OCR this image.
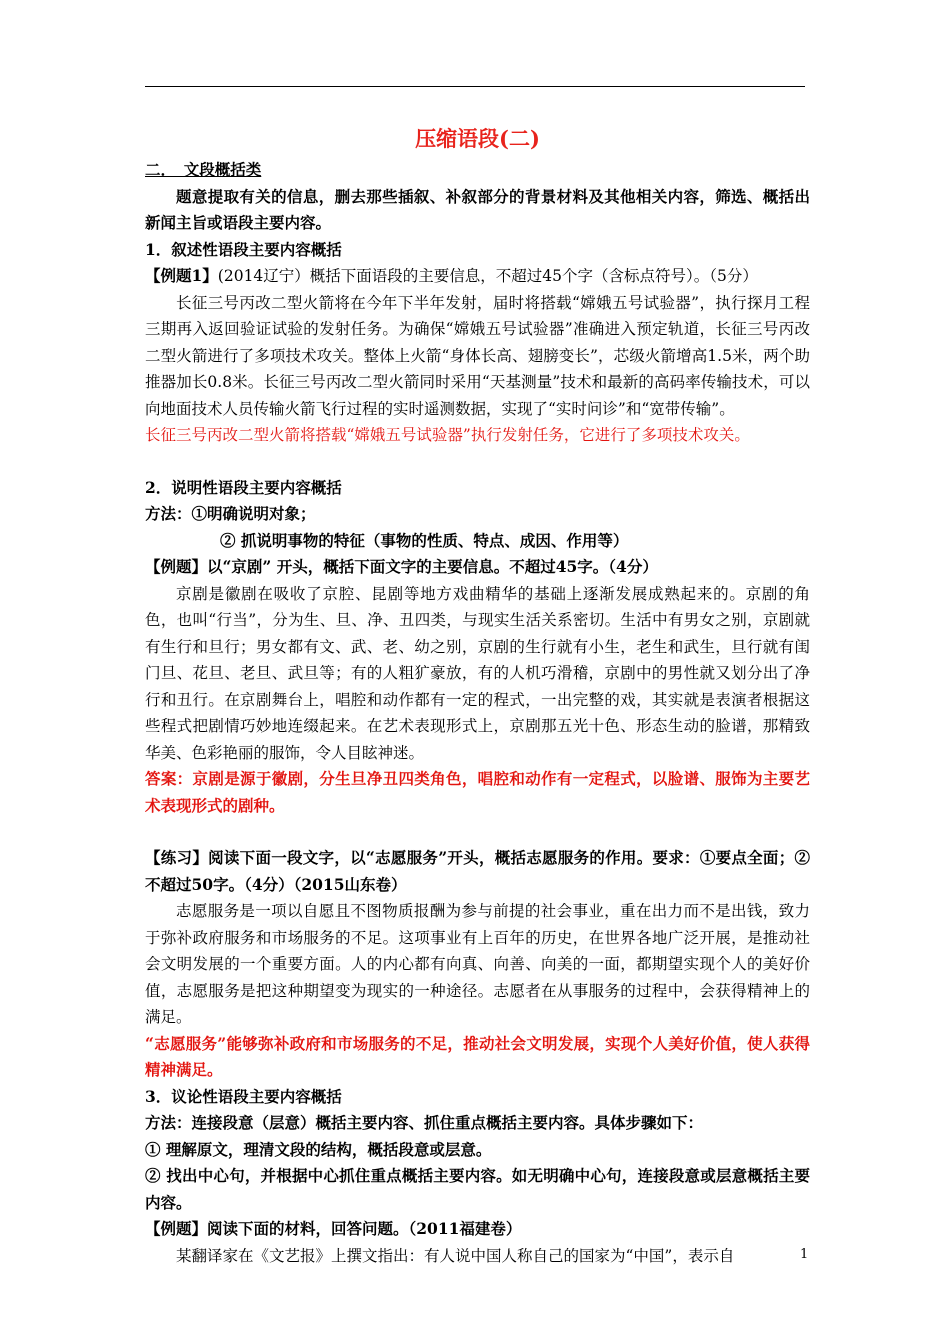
压缩语段(二)

二．　文段概括类

题意提取有关的信息，删去那些插叙、补叙部分的背景材料及其他相关内容，筛选、概括出新闻主旨或语段主要内容。

1．叙述性语段主要内容概括

【例题1】(2014辽宁）概括下面语段的主要信息，不超过45个字（含标点符号）。（5分）

长征三号丙改二型火箭将在今年下半年发射，届时将搭载“嫦娥五号试验器”，执行探月工程三期再入返回验证试验的发射任务。为确保“嫦娥五号试验器”准确进入预定轨道，长征三号丙改二型火箭进行了多项技术攻关。整体上火箭“身体长高、翅膀变长”，芯级火箭增高1.5米，两个助推器加长0.8米。长征三号丙改二型火箭同时采用“天基测量”技术和最新的高码率传输技术，可以向地面技术人员传输火箭飞行过程的实时遥测数据，实现了“实时问诊”和“宽带传输”。

长征三号丙改二型火箭将搭载“嫦娥五号试验器”执行发射任务，它进行了多项技术攻关。

2．说明性语段主要内容概括

方法：①明确说明对象；

② 抓说明事物的特征（事物的性质、特点、成因、作用等）

【例题】以“京剧” 开头，概括下面文字的主要信息。不超过45字。（4分）

京剧是徽剧在吸收了京腔、昆剧等地方戏曲精华的基础上逐渐发展成熟起来的。京剧的角色，也叫“行当”，分为生、旦、净、丑四类，与现实生活关系密切。生活中有男女之别，京剧就有生行和旦行；男女都有文、武、老、幼之别，京剧的生行就有小生，老生和武生，旦行就有闺门旦、花旦、老旦、武旦等；有的人粗犷豪放，有的人机巧滑稽，京剧中的男性就又划分出了净行和丑行。在京剧舞台上，唱腔和动作都有一定的程式，一出完整的戏，其实就是表演者根据这些程式把剧情巧妙地连缀起来。在艺术表现形式上，京剧那五光十色、形态生动的脸谱，那精致华美、色彩艳丽的服饰，令人目眩神迷。

答案：京剧是源于徽剧，分生旦净丑四类角色，唱腔和动作有一定程式，以脸谱、服饰为主要艺术表现形式的剧种。

【练习】阅读下面一段文字，以“志愿服务”开头，概括志愿服务的作用。要求：①要点全面；②不超过50字。（4分）（2015山东卷）

志愿服务是一项以自愿且不图物质报酬为参与前提的社会事业，重在出力而不是出钱，致力于弥补政府服务和市场服务的不足。这项事业有上百年的历史，在世界各地广泛开展，是推动社会文明发展的一个重要方面。人的内心都有向真、向善、向美的一面，都期望实现个人的美好价值，志愿服务是把这种期望变为现实的一种途径。志愿者在从事服务的过程中，会获得精神上的满足。

“志愿服务”能够弥补政府和市场服务的不足，推动社会文明发展，实现个人美好价值，使人获得精神满足。

3．议论性语段主要内容概括

方法：连接段意（层意）概括主要内容、抓住重点概括主要内容。具体步骤如下：

① 理解原文，理清文段的结构，概括段意或层意。

② 找出中心句，并根据中心抓住重点概括主要内容。如无明确中心句，连接段意或层意概括主要内容。

【例题】阅读下面的材料，回答问题。（2011福建卷）

某翻译家在《文艺报》上撰文指出：有人说中国人称自己的国家为“中国”，表示自	1
